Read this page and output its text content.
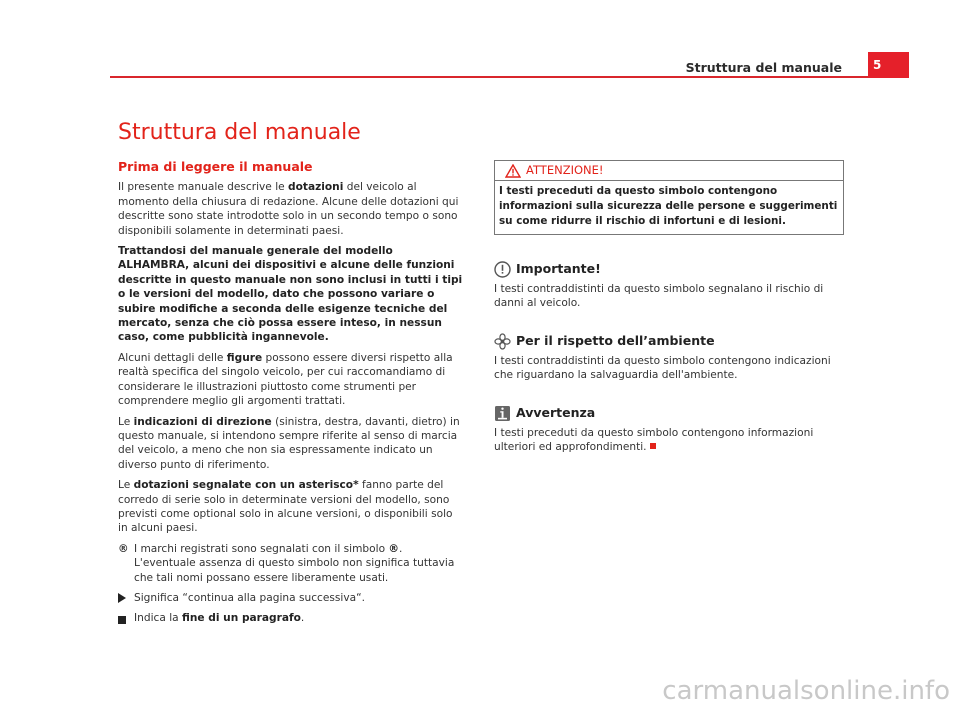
Struttura del manuale	5
Struttura del manuale
Prima di leggere il manuale

Il presente manuale descrive le dotazioni del veicolo al momento della chiusura di redazione. Alcune delle dotazioni qui descritte sono state introdotte solo in un secondo tempo o sono disponibili solamente in determinati paesi.

Trattandosi del manuale generale del modello ALHAMBRA, alcuni dei dispositivi e alcune delle funzioni descritte in questo manuale non sono inclusi in tutti i tipi o le versioni del modello, dato che possono variare o subire modifiche a seconda delle esigenze tecniche del mercato, senza che ciò possa essere inteso, in nessun caso, come pubblicità ingannevole.

Alcuni dettagli delle figure possono essere diversi rispetto alla realtà specifica del singolo veicolo, per cui raccomandiamo di considerare le illustrazioni piuttosto come strumenti per comprendere meglio gli argomenti trattati.

Le indicazioni di direzione (sinistra, destra, davanti, dietro) in questo manuale, si intendono sempre riferite al senso di marcia del veicolo, a meno che non sia espressamente indicato un diverso punto di riferimento.

Le dotazioni segnalate con un asterisco* fanno parte del corredo di serie solo in determinate versioni del modello, sono previsti come optional solo in alcune versioni, o disponibili solo in alcuni paesi.

® I marchi registrati sono segnalati con il simbolo ®. L'eventuale assenza di questo simbolo non significa tuttavia che tali nomi possano essere liberamente usati.
Significa “continua alla pagina successiva“.
Indica la fine di un paragrafo.
ATTENZIONE!
I testi preceduti da questo simbolo contengono informazioni sulla sicurezza delle persone e suggerimenti su come ridurre il rischio di infortuni e di lesioni.
Importante!

I testi contraddistinti da questo simbolo segnalano il rischio di danni al veicolo.

Per il rispetto dell’ambiente

I testi contraddistinti da questo simbolo contengono indicazioni che riguardano la salvaguardia dell'ambiente.

Avvertenza

I testi preceduti da questo simbolo contengono informazioni ulteriori ed approfondimenti.

carmanualsonline.info
